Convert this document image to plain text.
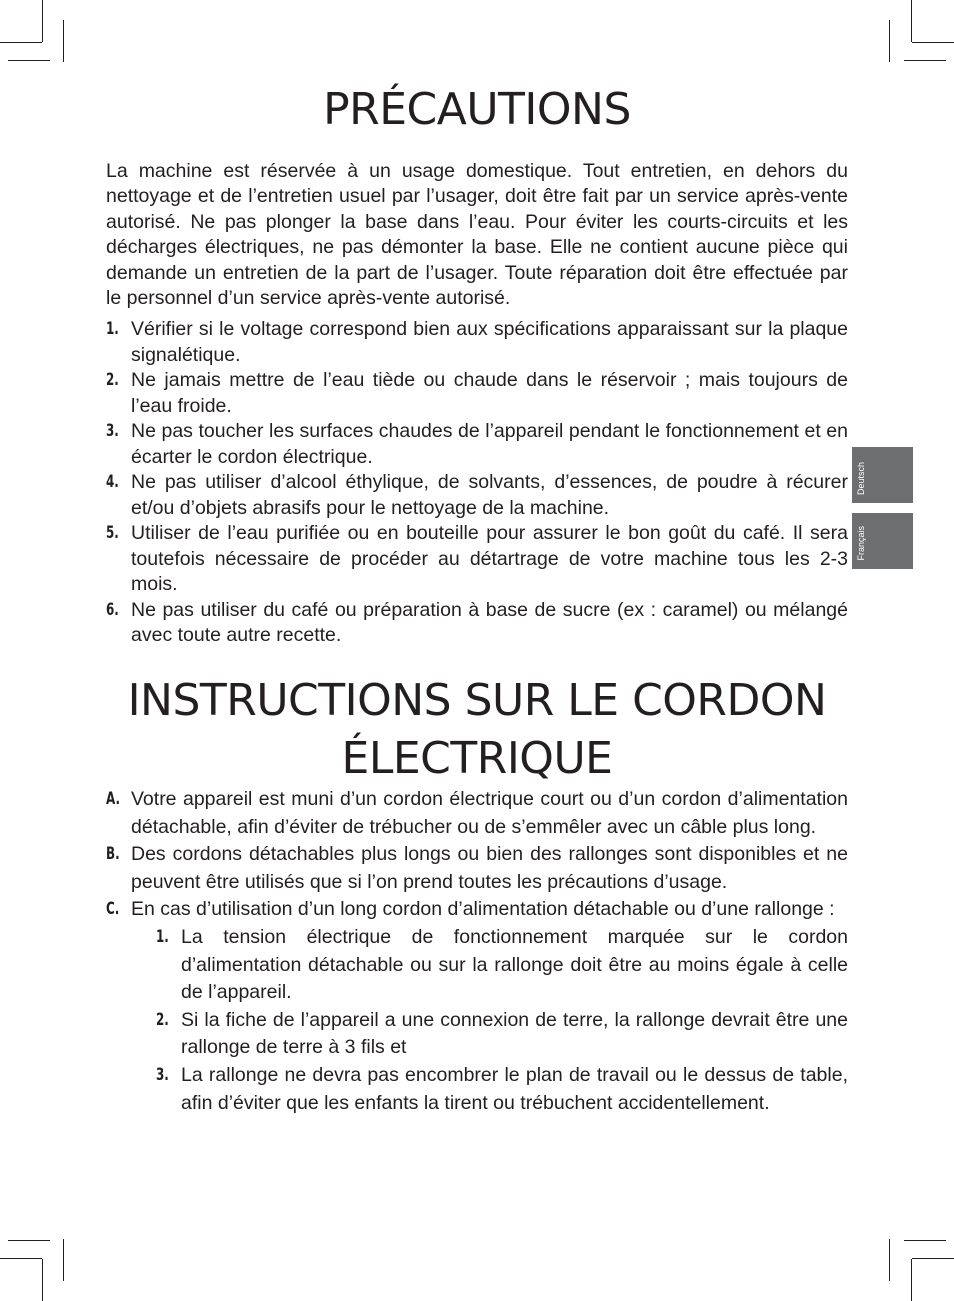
PRÉCAUTIONS

La machine est réservée à un usage domestique. Tout entretien, en dehors du nettoyage et de l’entretien usuel par l’usager, doit être fait par un service après-vente autorisé. Ne pas plonger la base dans l’eau. Pour éviter les courts-circuits et les décharges électriques, ne pas démonter la base. Elle ne contient aucune pièce qui demande un entretien de la part de l’usager. Toute réparation doit être effectuée par le personnel d’un service après-vente autorisé.

1. Vérifier si le voltage correspond bien aux spécifications apparaissant sur la plaque signalétique.
2. Ne jamais mettre de l’eau tiède ou chaude dans le réservoir ; mais toujours de l’eau froide.
3. Ne pas toucher les surfaces chaudes de l’appareil pendant le fonctionnement et en écarter le cordon électrique.
4. Ne pas utiliser d’alcool éthylique, de solvants, d’essences, de poudre à récurer et/ou d’objets abrasifs pour le nettoyage de la machine.
5. Utiliser de l’eau purifiée ou en bouteille pour assurer le bon goût du café. Il sera toutefois nécessaire de procéder au détartrage de votre machine tous les 2-3 mois.
6. Ne pas utiliser du café ou préparation à base de sucre (ex : caramel) ou mélangé avec toute autre recette.
INSTRUCTIONS SUR LE CORDON
ÉLECTRIQUE
A. Votre appareil est muni d’un cordon électrique court ou d’un cordon d’alimentation détachable, afin d’éviter de trébucher ou de s’emmêler avec un câble plus long.
B. Des cordons détachables plus longs ou bien des rallonges sont disponibles et ne peuvent être utilisés que si l’on prend toutes les précautions d’usage.
C. En cas d’utilisation d’un long cordon d’alimentation détachable ou d’une rallonge :
1. La tension électrique de fonctionnement marquée sur le cordon d’alimentation détachable ou sur la rallonge doit être au moins égale à celle de l’appareil.
2. Si la fiche de l’appareil a une connexion de terre, la rallonge devrait être une rallonge de terre à 3 fils et
3. La rallonge ne devra pas encombrer le plan de travail ou le dessus de table, afin d’éviter que les enfants la tirent ou trébuchent accidentellement.
Deutsch
Français
